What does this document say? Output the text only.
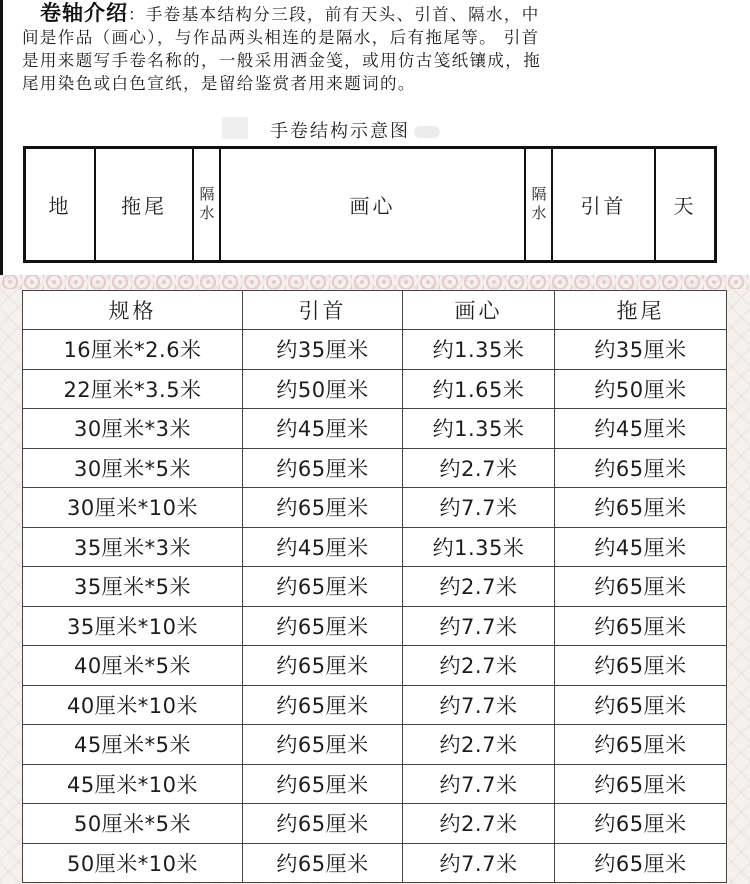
卷轴介绍：手卷基本结构分三段，前有天头、引首、隔水，中
间是作品（画心），与作品两头相连的是隔水，后有拖尾等。 引首
是用来题写手卷名称的，一般采用洒金笺，或用仿古笺纸镶成，拖
尾用染色或白色宣纸，是留给鉴赏者用来题词的。
手卷结构示意图
地	拖尾	隔水	画心	隔水	引首	天
规格	引首	画心	拖尾
16厘米*2.6米	约35厘米	约1.35米	约35厘米
22厘米*3.5米	约50厘米	约1.65米	约50厘米
30厘米*3米	约45厘米	约1.35米	约45厘米
30厘米*5米	约65厘米	约2.7米	约65厘米
30厘米*10米	约65厘米	约7.7米	约65厘米
35厘米*3米	约45厘米	约1.35米	约45厘米
35厘米*5米	约65厘米	约2.7米	约65厘米
35厘米*10米	约65厘米	约7.7米	约65厘米
40厘米*5米	约65厘米	约2.7米	约65厘米
40厘米*10米	约65厘米	约7.7米	约65厘米
45厘米*5米	约65厘米	约2.7米	约65厘米
45厘米*10米	约65厘米	约7.7米	约65厘米
50厘米*5米	约65厘米	约2.7米	约65厘米
50厘米*10米	约65厘米	约7.7米	约65厘米
